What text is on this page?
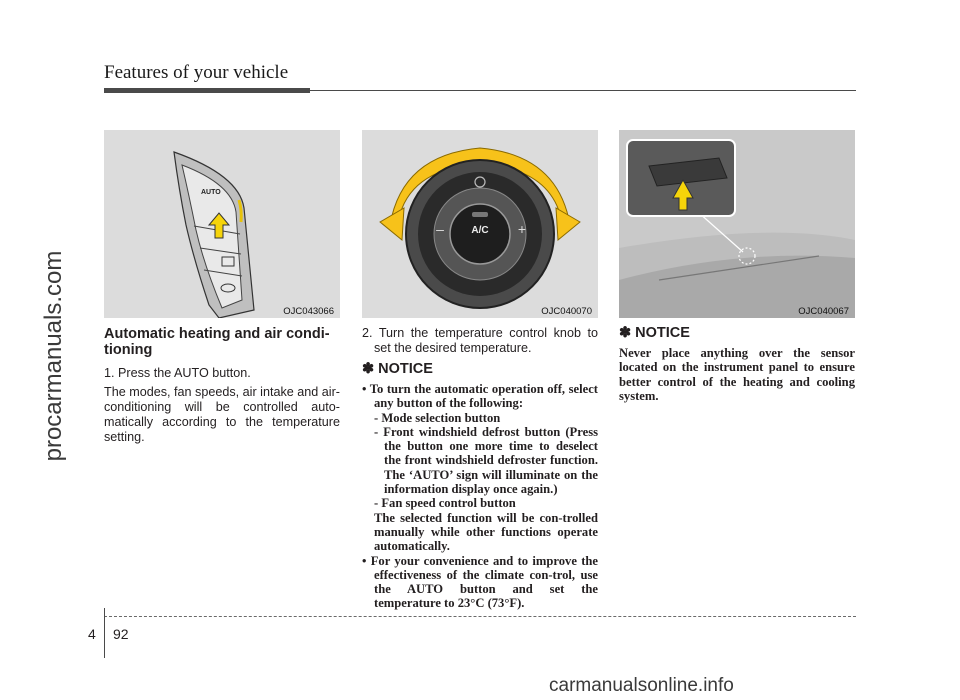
Features of your vehicle
procarmanuals.com
AUTO
OJC043066
A/C
–	+
OJC040070	OJC040067
Automatic heating and air condi-tioning
1. Press the AUTO button.
The modes, fan speeds, air intake and air-conditioning will be controlled auto-matically according to the temperature setting.
2. Turn the temperature control knob to set the desired temperature.
✽ NOTICE
• To turn the automatic operation off, select any button of the following:
- Mode selection button
- Front windshield defrost button (Press the button one more time to deselect the front windshield defroster function. The ‘AUTO’ sign will illuminate on the information display once again.)
- Fan speed control button
The selected function will be con-trolled manually while other functions operate automatically.
• For your convenience and to improve the effectiveness of the climate con-trol, use the AUTO button and set the temperature to 23°C (73°F).
✽ NOTICE
Never place anything over the sensor located on the instrument panel to ensure better control of the heating and cooling system.
4 92
carmanualsonline.info
